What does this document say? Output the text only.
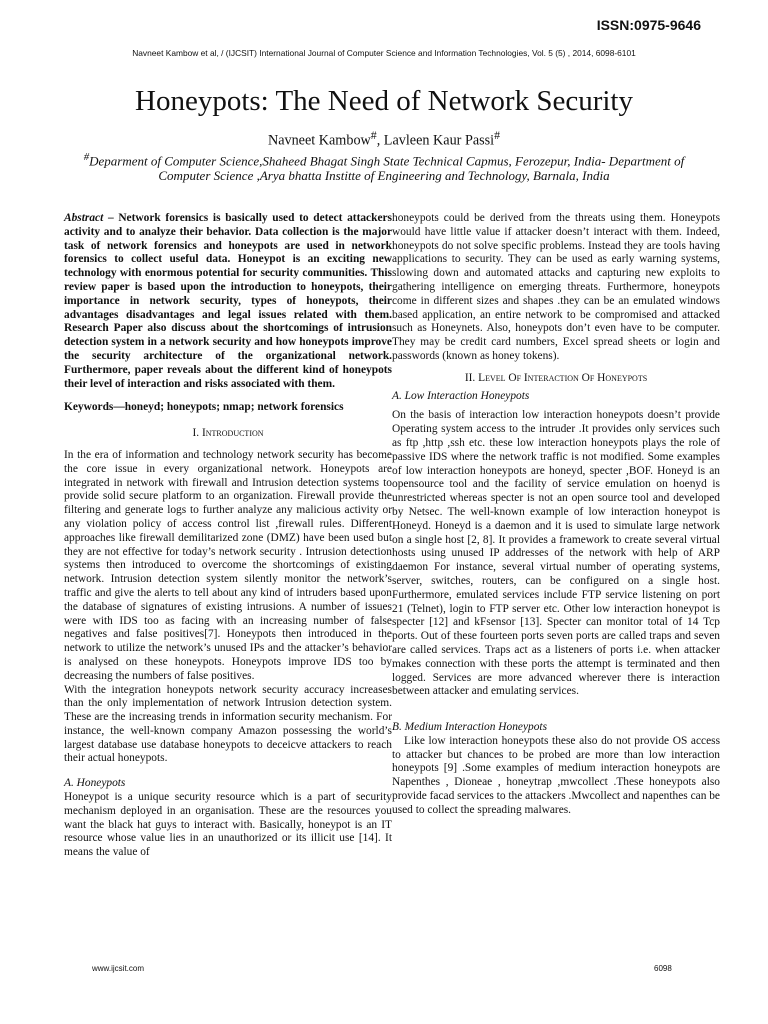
ISSN:0975-9646
Navneet Kambow et al, / (IJCSIT) International Journal of Computer Science and Information Technologies, Vol. 5 (5) , 2014, 6098-6101
Honeypots: The Need of Network Security
Navneet Kambow#, Lavleen Kaur Passi#
#Deparment of Computer Science,Shaheed Bhagat Singh State Technical Capmus, Ferozepur, India- Department of Computer Science ,Arya bhatta Institte of Engineering and Technology, Barnala, India

Abstract – Network forensics is basically used to detect attackers activity and to analyze their behavior. Data collection is the major task of network forensics and honeypots are used in network forensics to collect useful data. Honeypot is an exciting new technology with enormous potential for security communities. This review paper is based upon the introduction to honeypots, their importance in network security, types of honeypots, their advantages disadvantages and legal issues related with them. Research Paper also discuss about the shortcomings of intrusion detection system in a network security and how honeypots improve the security architecture of the organizational network. Furthermore, paper reveals about the different kind of honeypots their level of interaction and risks associated with them.

Keywords—honeyd; honeypots; nmap; network forensics

I. Introduction

In the era of information and technology network security has become the core issue in every organizational network. Honeypots are integrated in network with firewall and Intrusion detection systems to provide solid secure platform to an organization. Firewall provide the filtering and generate logs to further analyze any malicious activity or any violation policy of access control list ,firewall rules. Different approaches like firewall demilitarized zone (DMZ) have been used but they are not effective for today’s network security . Intrusion detection systems then introduced to overcome the shortcomings of existing network. Intrusion detection system silently monitor the network’s traffic and give the alerts to tell about any kind of intruders based upon the database of signatures of existing intrusions. A number of issues were with IDS too as facing with an increasing number of false negatives and false positives[7]. Honeypots then introduced in the network to utilize the network’s unused IPs and the attacker’s behavior is analysed on these honeypots. Honeypots improve IDS too by decreasing the numbers of false positives.

With the integration honeypots network security accuracy increases than the only implementation of network Intrusion detection system. These are the increasing trends in information security mechanism. For instance, the well-known company Amazon possessing the world’s largest database use database honeypots to deceicve attackers to reach their actual honeypots.

A. Honeypots

Honeypot is a unique security resource which is a part of security mechanism deployed in an organisation. These are the resources you want the black hat guys to interact with. Basically, honeypot is an IT resource whose value lies in an unauthorized or its illicit use [14]. It means the value of

honeypots could be derived from the threats using them. Honeypots would have little value if attacker doesn’t interact with them. Indeed, honeypots do not solve specific problems. Instead they are tools having applications to security. They can be used as early warning systems, slowing down and automated attacks and capturing new exploits to gathering intelligence on emerging threats. Furthermore, honeypots come in different sizes and shapes .they can be an emulated windows based application, an entire network to be compromised and attacked such as Honeynets. Also, honeypots don’t even have to be computer. They may be credit card numbers, Excel spread sheets or login and passwords (known as honey tokens).

II. Level Of Interaction Of Honeypots

A. Low Interaction Honeypots

On the basis of interaction low interaction honeypots doesn’t provide Operating system access to the intruder .It provides only services such as ftp ,http ,ssh etc. these low interaction honeypots plays the role of passive IDS where the network traffic is not modified. Some examples of low interaction honeypots are honeyd, specter ,BOF. Honeyd is an opensource tool and the facility of service emulation on hoenyd is unrestricted whereas specter is not an open source tool and developed by Netsec. The well-known example of low interaction honeypot is Honeyd. Honeyd is a daemon and it is used to simulate large network on a single host [2, 8]. It provides a framework to create several virtual hosts using unused IP addresses of the network with help of ARP daemon For instance, several virtual number of operating systems, server, switches, routers, can be configured on a single host. Furthermore, emulated services include FTP service listening on port 21 (Telnet), login to FTP server etc. Other low interaction honeypot is specter [12] and kFsensor [13]. Specter can monitor total of 14 Tcp ports. Out of these fourteen ports seven ports are called traps and seven are called services. Traps act as a listeners of ports i.e. when attacker makes connection with these ports the attempt is terminated and then logged. Services are more advanced wherever there is interaction between attacker and emulating services.

B. Medium Interaction Honeypots

Like low interaction honeypots these also do not provide OS access to attacker but chances to be probed are more than low interaction honeypots [9] .Some examples of medium interaction honeypots are Napenthes , Dioneae , honeytrap ,mwcollect .These honeypots also provide facad services to the attackers .Mwcollect and napenthes can be used to collect the spreading malwares.

www.ijcsit.com	6098
